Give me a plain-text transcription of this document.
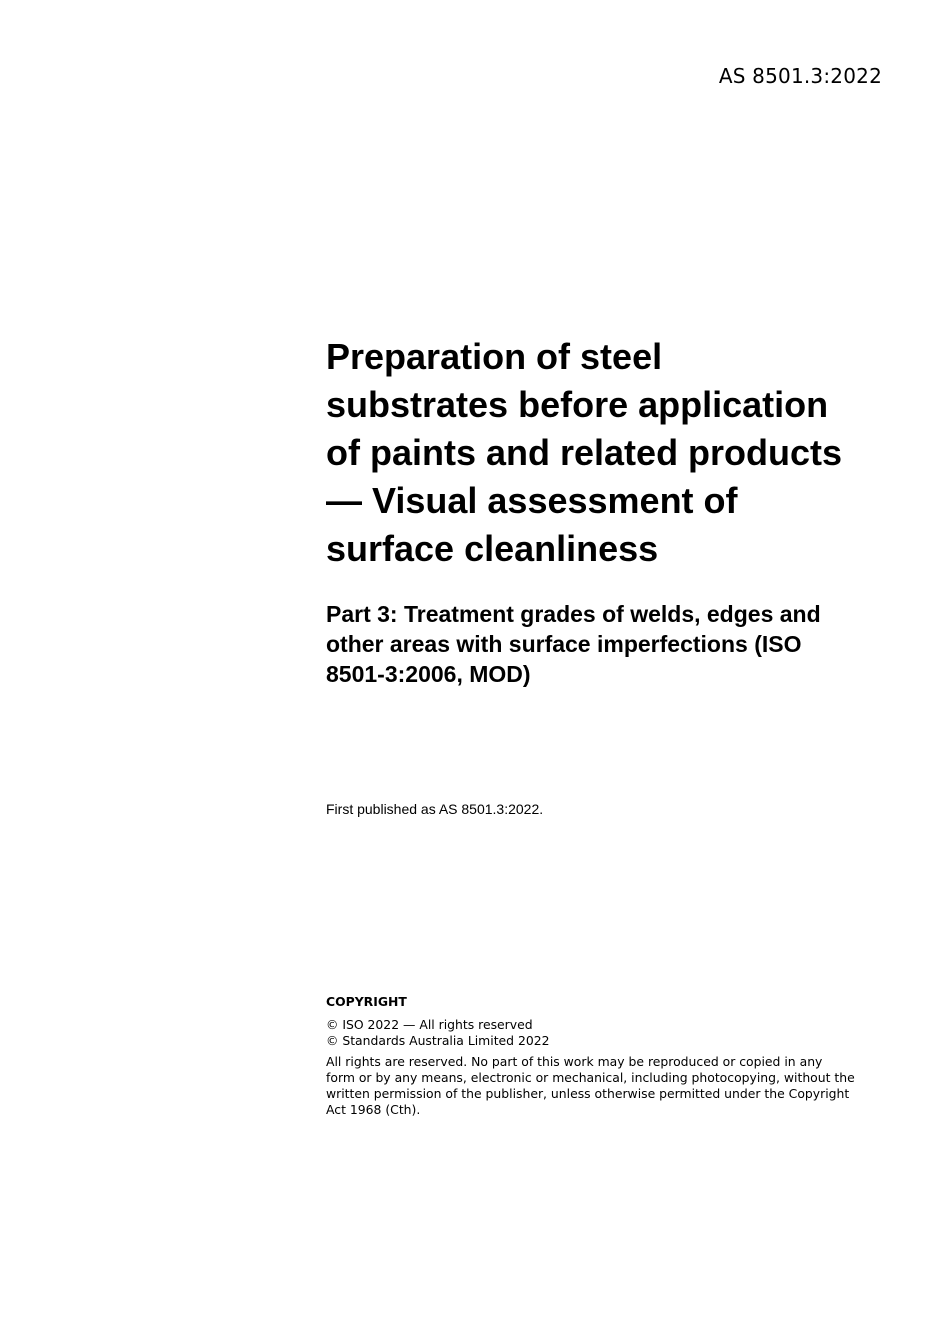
AS 8501.3:2022
Preparation of steel
substrates before application
of paints and related products
— Visual assessment of
surface cleanliness
Part 3: Treatment grades of welds, edges and
other areas with surface imperfections (ISO
8501-3:2006, MOD)
First published as AS 8501.3:2022.
COPYRIGHT
© ISO 2022 — All rights reserved
© Standards Australia Limited 2022
All rights are reserved. No part of this work may be reproduced or copied in any
form or by any means, electronic or mechanical, including photocopying, without the
written permission of the publisher, unless otherwise permitted under the Copyright
Act 1968 (Cth).
